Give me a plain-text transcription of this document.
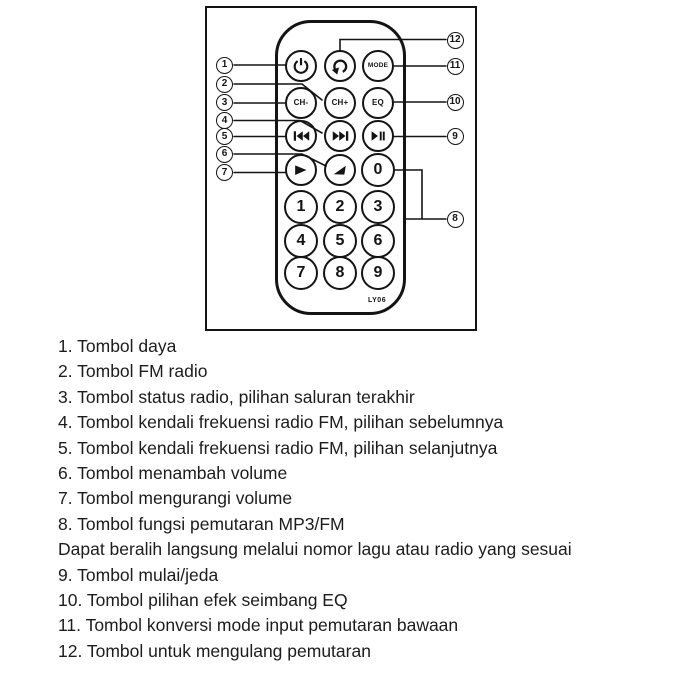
MODE
CH-	CH+	EQ
0
1 2 3
4 5 6
7 8 9
LY06
1
2
3
4
5
6
7
12
11
10
9
8
1. Tombol daya
2. Tombol FM radio
3. Tombol status radio, pilihan saluran terakhir
4. Tombol kendali frekuensi radio FM, pilihan sebelumnya
5. Tombol kendali frekuensi radio FM, pilihan selanjutnya
6. Tombol menambah volume
7. Tombol mengurangi volume
8. Tombol fungsi pemutaran MP3/FM
Dapat beralih langsung melalui nomor lagu atau radio yang sesuai
9. Tombol mulai/jeda
10. Tombol pilihan efek seimbang EQ
11. Tombol konversi mode input pemutaran bawaan
12. Tombol untuk mengulang pemutaran
